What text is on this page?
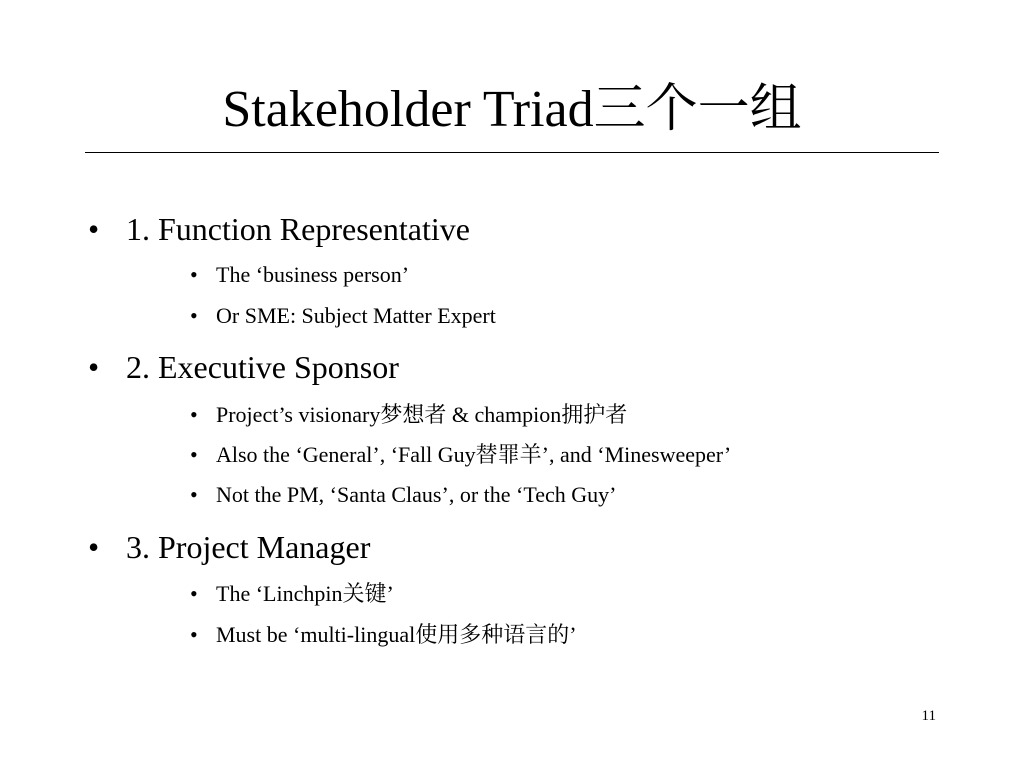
Stakeholder Triad三个一组
• 1. Function Representative
• The ‘business person’
• Or SME: Subject Matter Expert
• 2. Executive Sponsor
• Project’s visionary梦想者 & champion拥护者
• Also the ‘General’, ‘Fall Guy替罪羊’, and ‘Minesweeper’
• Not the PM, ‘Santa Claus’, or the ‘Tech Guy’
• 3. Project Manager
• The ‘Linchpin关键’
• Must be ‘multi-lingual使用多种语言的’
11
